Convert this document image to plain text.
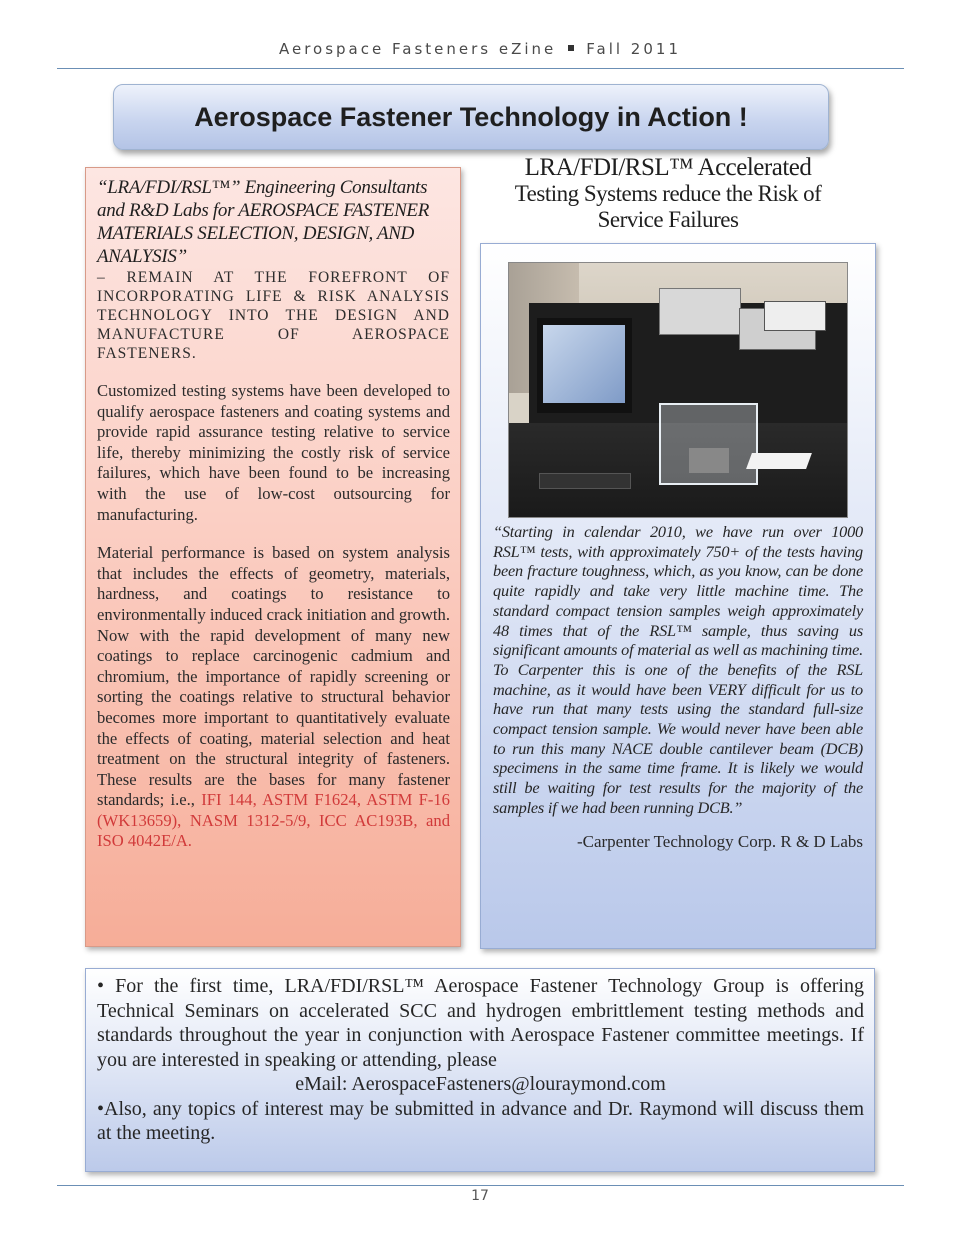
Aerospace Fasteners eZine Fall 2011
Aerospace Fastener Technology in Action !
“LRA/FDI/RSL™” Engineering Consultants and R&D Labs for AEROSPACE FASTENER MATERIALS SELECTION, DESIGN, AND ANALYSIS”
– REMAIN AT THE FOREFRONT OF INCORPORATING LIFE & RISK ANALYSIS TECHNOLOGY INTO THE DESIGN AND MANUFACTURE OF AEROSPACE FASTENERS.

Customized testing systems have been developed to qualify aerospace fasteners and coating systems and provide rapid assurance testing relative to service life, thereby minimizing the costly risk of service failures, which have been found to be increasing with the use of low-cost outsourcing for manufacturing.

Material performance is based on system analysis that includes the effects of geometry, materials, hardness, and coatings to resistance to environmentally induced crack initiation and growth. Now with the rapid development of many new coatings to replace carcinogenic cadmium and chromium, the importance of rapidly screening or sorting the coatings relative to structural behavior becomes more important to quantitatively evaluate the effects of coating, material selection and heat treatment on the structural integrity of fasteners. These results are the bases for many fastener standards; i.e., IFI 144, ASTM F1624, ASTM F-16 (WK13659), NASM 1312-5/9, ICC AC193B, and ISO 4042E/A.

LRA/FDI/RSL™ Accelerated
Testing Systems reduce the Risk of
Service Failures
“Starting in calendar 2010, we have run over 1000 RSL™ tests, with approximately 750+ of the tests having been fracture toughness, which, as you know, can be done quite rapidly and take very little machine time. The standard compact tension samples weigh approximately 48 times that of the RSL™ sample, thus saving us significant amounts of material as well as machining time. To Carpenter this is one of the benefits of the RSL machine, as it would have been VERY difficult for us to have run that many tests using the standard full-size compact tension sample. We would never have been able to run this many NACE double cantilever beam (DCB) specimens in the same time frame. It is likely we would still be waiting for test results for the majority of the samples if we had been running DCB.”
-Carpenter Technology Corp. R & D Labs

• For the first time, LRA/FDI/RSL™ Aerospace Fastener Technology Group is offering Technical Seminars on accelerated SCC and hydrogen embrittlement testing methods and standards throughout the year in conjunction with Aerospace Fastener committee meetings. If you are interested in speaking or attending, please

eMail: AerospaceFasteners@louraymond.com

•Also, any topics of interest may be submitted in advance and Dr. Raymond will discuss them at the meeting.

17
